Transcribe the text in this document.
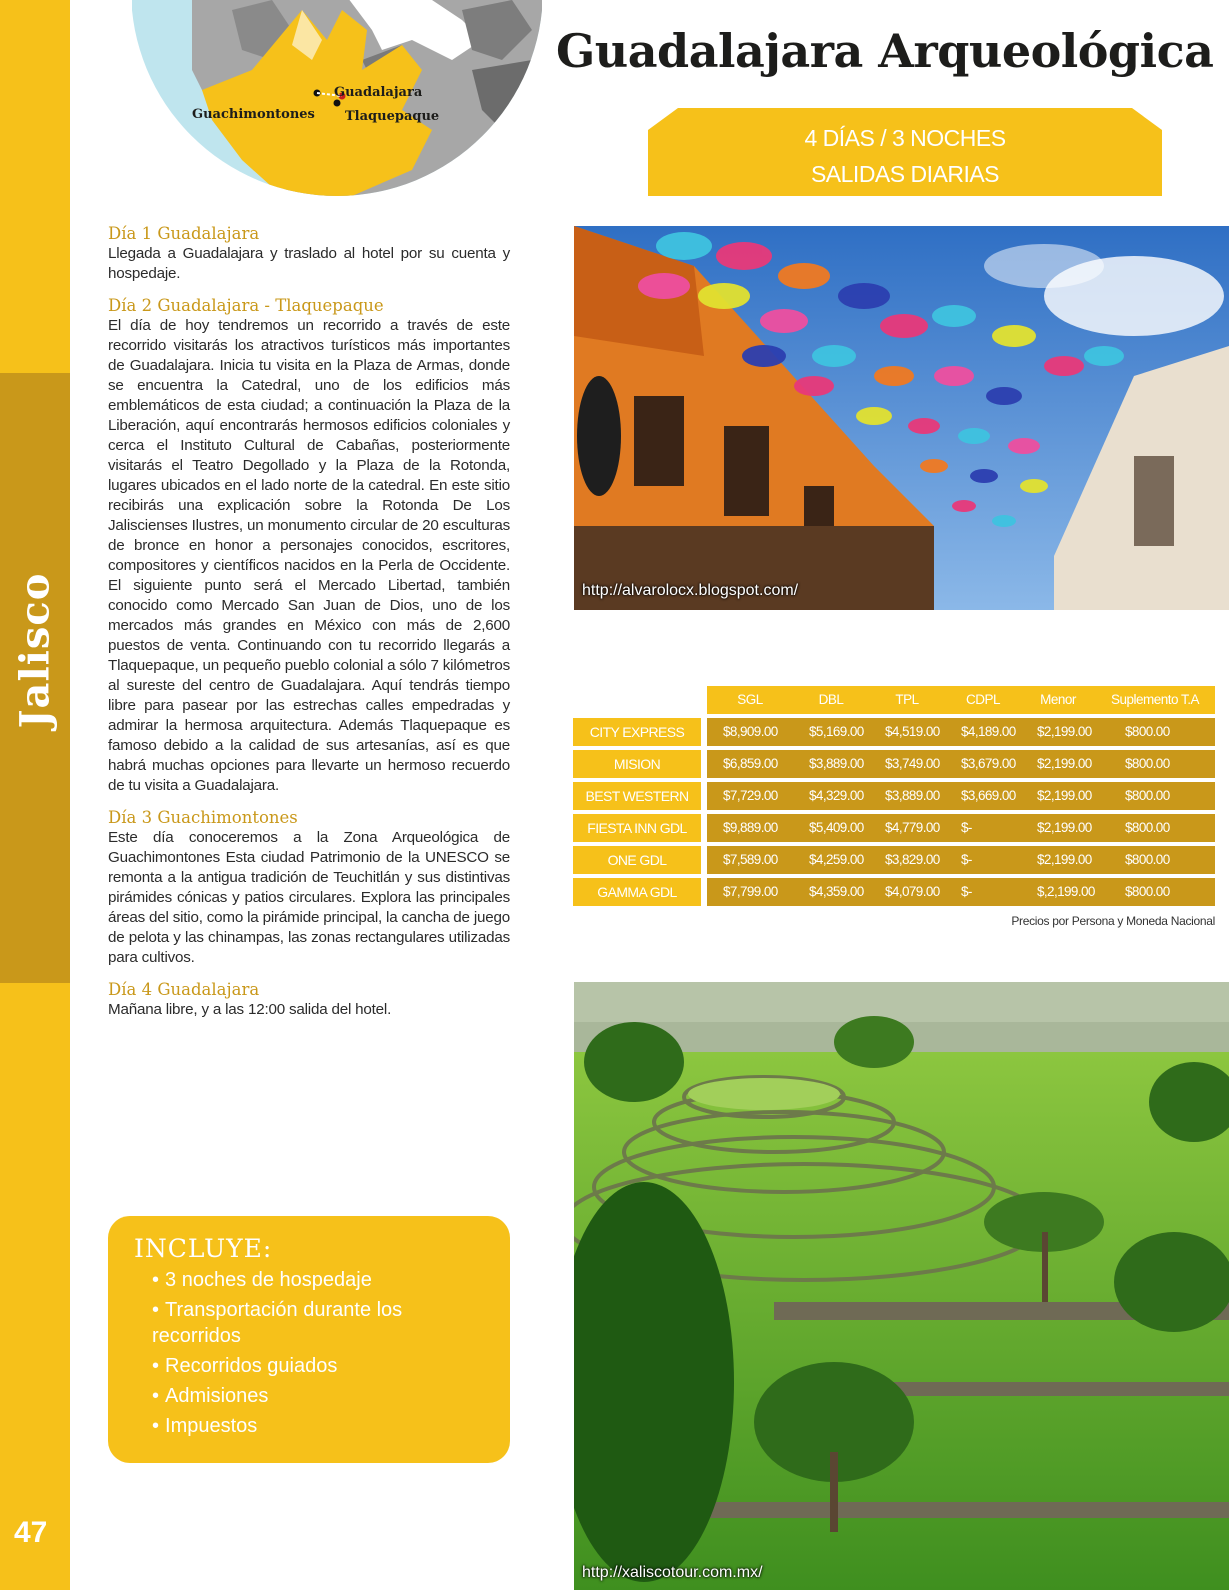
Jalisco
47
Guadalajara
Guachimontones Tlaquepaque
Guadalajara Arqueológica
4 DÍAS / 3 NOCHES
SALIDAS DIARIAS
Día 1 Guadalajara
Llegada a Guadalajara y traslado al hotel por su cuenta y hospedaje.
Día 2 Guadalajara - Tlaquepaque
El día de hoy tendremos un recorrido a través de este recorrido visitarás los atractivos turísticos más importantes de Guadalajara. Inicia tu visita en la Plaza de Armas, donde se encuentra la Catedral, uno de los edificios más emblemáticos de esta ciudad; a continuación la Plaza de la Liberación, aquí encontrarás hermosos edificios coloniales y cerca el Instituto Cultural de Cabañas, posteriormente visitarás el Teatro Degollado y la Plaza de la Rotonda, lugares ubicados en el lado norte de la catedral. En este sitio recibirás una explicación sobre la Rotonda De Los Jaliscienses Ilustres, un monumento circular de 20 esculturas de bronce en honor a personajes conocidos, escritores, compositores y científicos nacidos en la Perla de Occidente. El siguiente punto será el Mercado Libertad, también conocido como Mercado San Juan de Dios, uno de los mercados más grandes en México con más de 2,600 puestos de venta. Continuando con tu recorrido llegarás a Tlaquepaque, un pequeño pueblo colonial a sólo 7 kilómetros al sureste del centro de Guadalajara. Aquí tendrás tiempo libre para pasear por las estrechas calles empedradas y admirar la hermosa arquitectura. Además Tlaquepaque es famoso debido a la calidad de sus artesanías, así es que habrá muchas opciones para llevarte un hermoso recuerdo de tu visita a Guadalajara.
Día 3 Guachimontones
Este día conoceremos a la Zona Arqueológica de Guachimontones Esta ciudad Patrimonio de la UNESCO se remonta a la antigua tradición de Teuchitlán y sus distintivas pirámides cónicas y patios circulares. Explora las principales áreas del sitio, como la pirámide principal, la cancha de juego de pelota y las chinampas, las zonas rectangulares utilizadas para cultivos.
Día 4 Guadalajara
Mañana libre, y a las 12:00 salida del hotel.
INCLUYE:
• 3 noches de hospedaje
• Transportación durante los recorridos
• Recorridos guiados
• Admisiones
• Impuestos
http://alvarolocx.blogspot.com/
SGL	DBL	TPL	CDPL	Menor	Suplemento T.A
CITY EXPRESS	$8,909.00	$5,169.00	$4,519.00	$4,189.00	$2,199.00	$800.00
MISION	$6,859.00	$3,889.00	$3,749.00	$3,679.00	$2,199.00	$800.00
BEST WESTERN	$7,729.00	$4,329.00	$3,889.00	$3,669.00	$2,199.00	$800.00
FIESTA INN GDL	$9,889.00	$5,409.00	$4,779.00	$-	$2,199.00	$800.00
ONE GDL	$7,589.00	$4,259.00	$3,829.00	$-	$2,199.00	$800.00
GAMMA GDL	$7,799.00	$4,359.00	$4,079.00	$-	$,2,199.00	$800.00
Precios por Persona y Moneda Nacional
http://xaliscotour.com.mx/
